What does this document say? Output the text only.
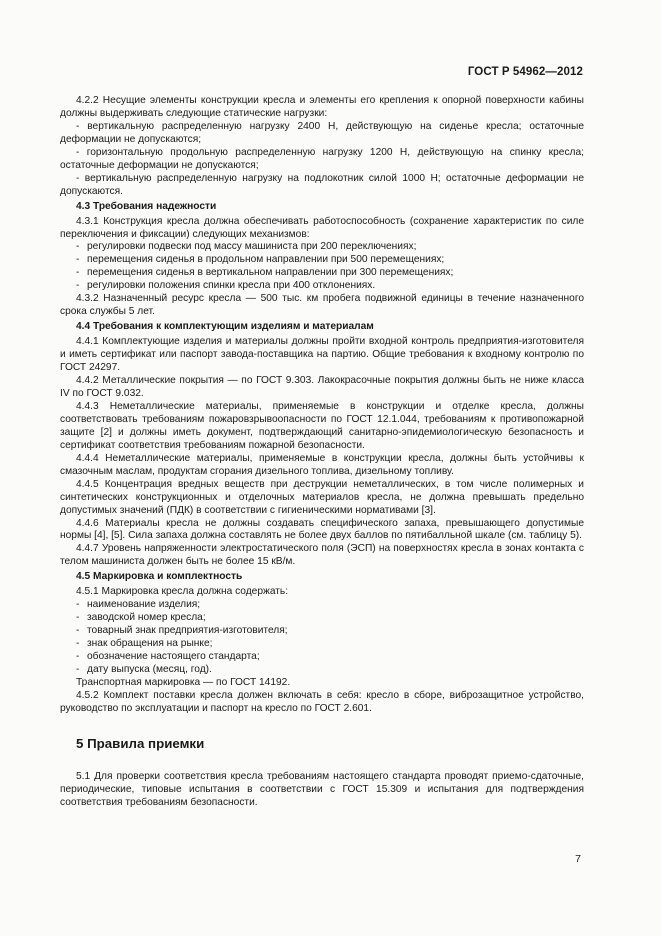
ГОСТ Р 54962—2012
4.2.2 Несущие элементы конструкции кресла и элементы его крепления к опорной поверхности кабины должны выдерживать следующие статические нагрузки:
- вертикальную распределенную нагрузку 2400 Н, действующую на сиденье кресла; остаточные деформации не допускаются;
- горизонтальную продольную распределенную нагрузку 1200 Н, действующую на спинку кресла; остаточные деформации не допускаются;
- вертикальную распределенную нагрузку на подлокотник силой 1000 Н; остаточные деформации не допускаются.
4.3 Требования надежности
4.3.1 Конструкция кресла должна обеспечивать работоспособность (сохранение характеристик по силе переключения и фиксации) следующих механизмов:
- регулировки подвески под массу машиниста при 200 переключениях;
- перемещения сиденья в продольном направлении при 500 перемещениях;
- перемещения сиденья в вертикальном направлении при 300 перемещениях;
- регулировки положения спинки кресла при 400 отклонениях.
4.3.2 Назначенный ресурс кресла — 500 тыс. км пробега подвижной единицы в течение назначенного срока службы 5 лет.
4.4 Требования к комплектующим изделиям и материалам
4.4.1 Комплектующие изделия и материалы должны пройти входной контроль предприятия-изготовителя и иметь сертификат или паспорт завода-поставщика на партию. Общие требования к входному контролю по ГОСТ 24297.
4.4.2 Металлические покрытия — по ГОСТ 9.303. Лакокрасочные покрытия должны быть не ниже класса IV по ГОСТ 9.032.
4.4.3 Неметаллические материалы, применяемые в конструкции и отделке кресла, должны соответствовать требованиям пожаровзрывоопасности по ГОСТ 12.1.044, требованиям к противопожарной защите [2] и должны иметь документ, подтверждающий санитарно-эпидемиологическую безопасность и сертификат соответствия требованиям пожарной безопасности.
4.4.4 Неметаллические материалы, применяемые в конструкции кресла, должны быть устойчивы к смазочным маслам, продуктам сгорания дизельного топлива, дизельному топливу.
4.4.5 Концентрация вредных веществ при деструкции неметаллических, в том числе полимерных и синтетических конструкционных и отделочных материалов кресла, не должна превышать предельно допустимых значений (ПДК) в соответствии с гигиеническими нормативами [3].
4.4.6 Материалы кресла не должны создавать специфического запаха, превышающего допустимые нормы [4], [5]. Сила запаха должна составлять не более двух баллов по пятибалльной шкале (см. таблицу 5).
4.4.7 Уровень напряженности электростатического поля (ЭСП) на поверхностях кресла в зонах контакта с телом машиниста должен быть не более 15 кВ/м.
4.5 Маркировка и комплектность
4.5.1 Маркировка кресла должна содержать:
- наименование изделия;
- заводской номер кресла;
- товарный знак предприятия-изготовителя;
- знак обращения на рынке;
- обозначение настоящего стандарта;
- дату выпуска (месяц, год).
Транспортная маркировка — по ГОСТ 14192.
4.5.2 Комплект поставки кресла должен включать в себя: кресло в сборе, виброзащитное устройство, руководство по эксплуатации и паспорт на кресло по ГОСТ 2.601.
5 Правила приемки
5.1 Для проверки соответствия кресла требованиям настоящего стандарта проводят приемо-сдаточные, периодические, типовые испытания в соответствии с ГОСТ 15.309 и испытания для подтверждения соответствия требованиям безопасности.
7
